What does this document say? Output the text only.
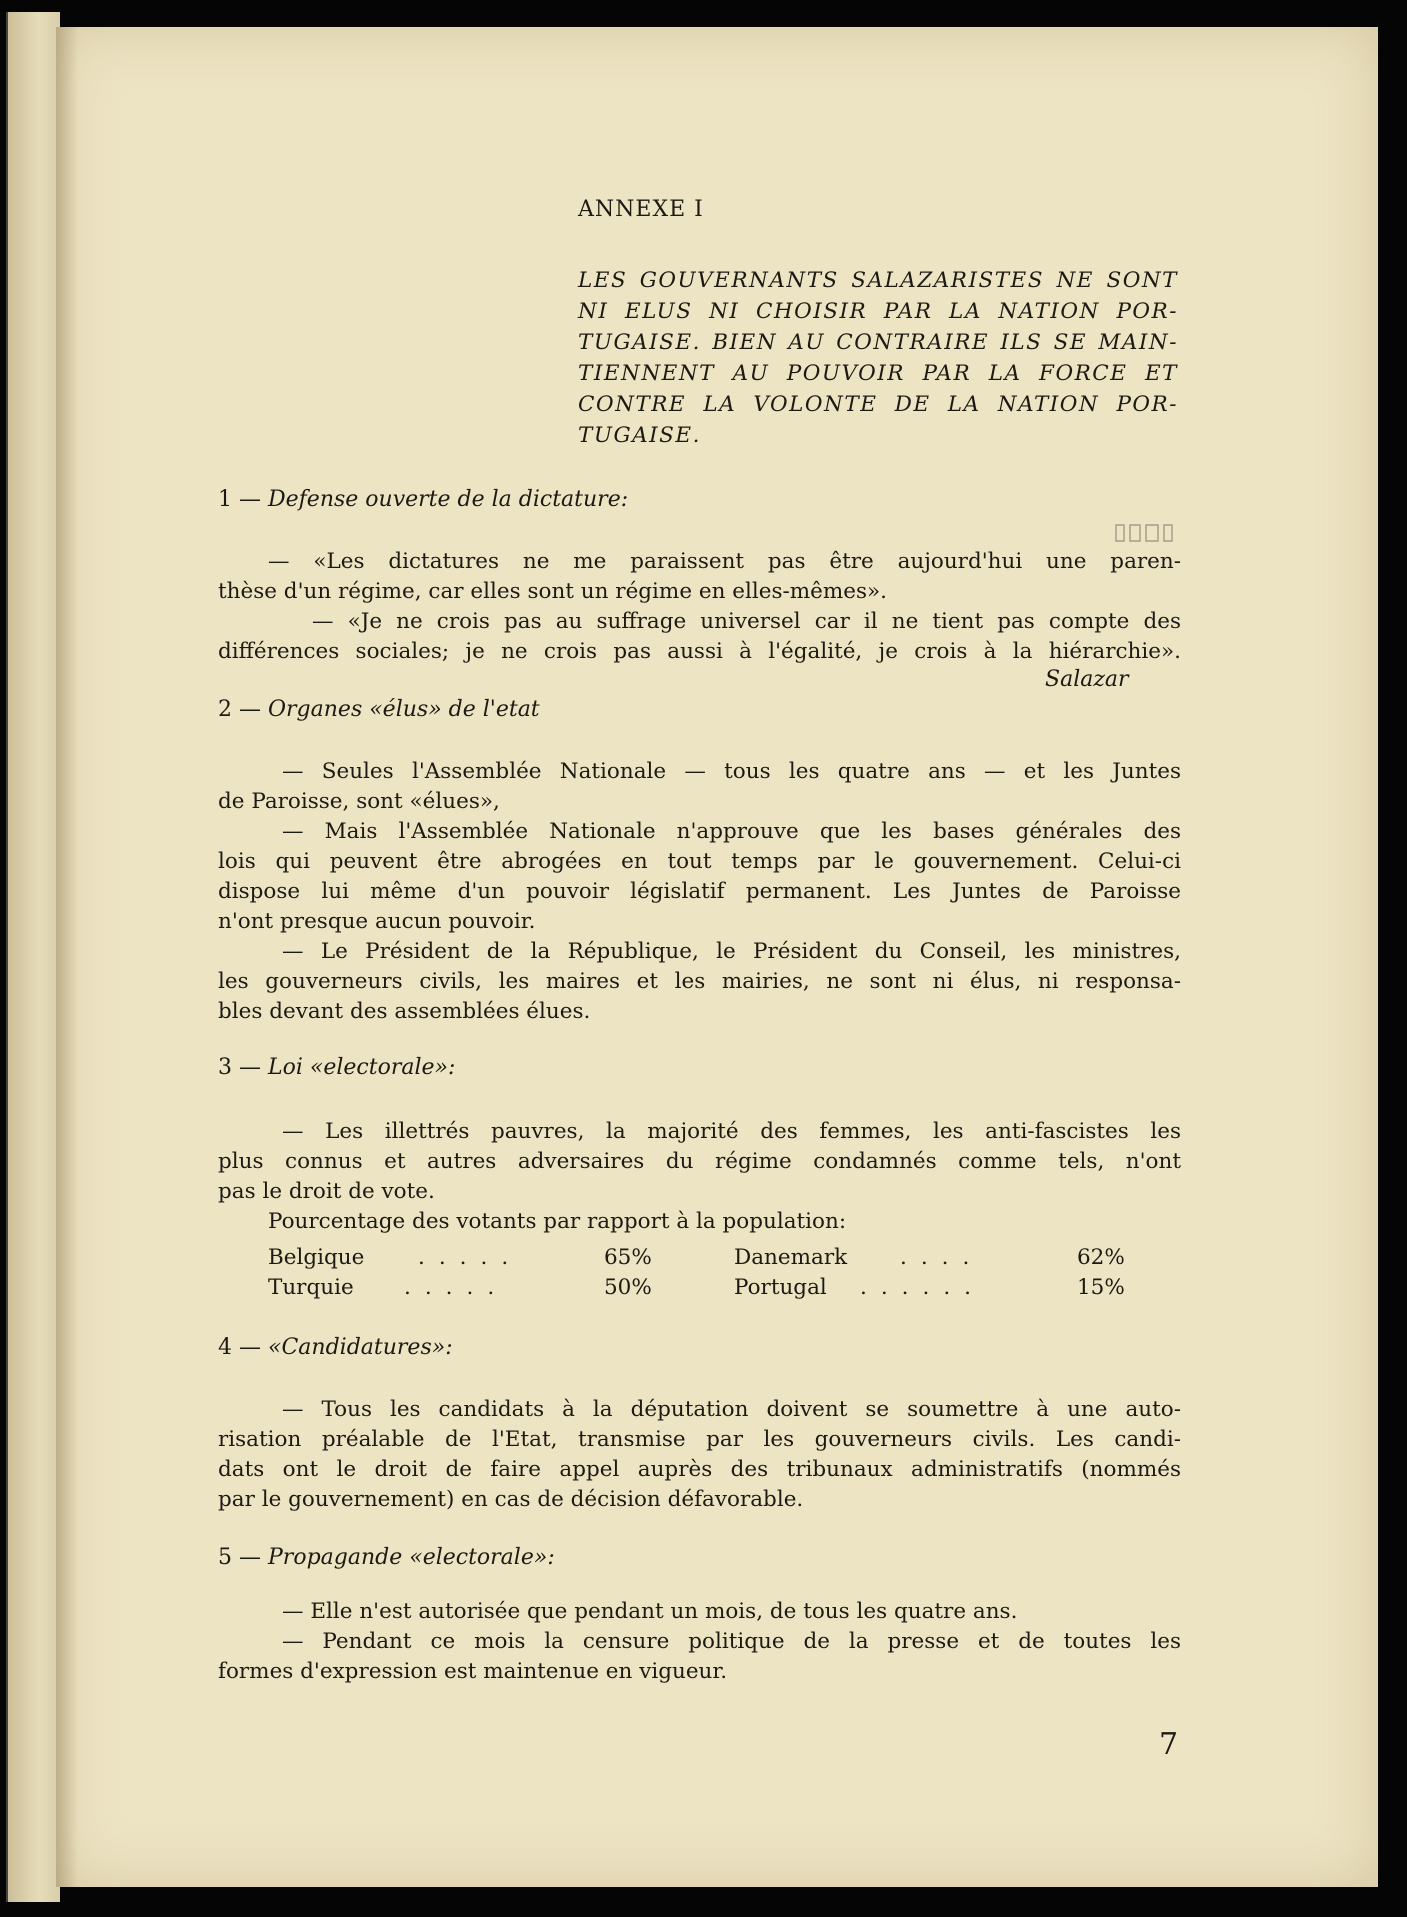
ANNEXE I
LES GOUVERNANTS SALAZARISTES NE SONT
NI ELUS NI CHOISIR PAR LA NATION POR-
TUGAISE. BIEN AU CONTRAIRE ILS SE MAIN-
TIENNENT AU POUVOIR PAR LA FORCE ET
CONTRE LA VOLONTE DE LA NATION POR-
TUGAISE.
1 — Defense ouverte de la dictature:
— «Les dictatures ne me paraissent pas être aujourd'hui une paren-
thèse d'un régime, car elles sont un régime en elles-mêmes».
— «Je ne crois pas au suffrage universel car il ne tient pas compte des
différences sociales; je ne crois pas aussi à l'égalité, je crois à la hiérarchie».
Salazar
2 — Organes «élus» de l'etat
— Seules l'Assemblée Nationale — tous les quatre ans — et les Juntes
de Paroisse, sont «élues»,
— Mais l'Assemblée Nationale n'approuve que les bases générales des
lois qui peuvent être abrogées en tout temps par le gouvernement. Celui-ci
dispose lui même d'un pouvoir législatif permanent. Les Juntes de Paroisse
n'ont presque aucun pouvoir.
— Le Président de la République, le Président du Conseil, les ministres,
les gouverneurs civils, les maires et les mairies, ne sont ni élus, ni responsa-
bles devant des assemblées élues.
3 — Loi «electorale»:
— Les illettrés pauvres, la majorité des femmes, les anti-fascistes les
plus connus et autres adversaires du régime condamnés comme tels, n'ont
pas le droit de vote.
Pourcentage des votants par rapport à la population:
Belgique .....	65%	Danemark ....	62%
Turquie .....	50%	Portugal ......	15%
4 — «Candidatures»:
— Tous les candidats à la députation doivent se soumettre à une auto-
risation préalable de l'Etat, transmise par les gouverneurs civils. Les candi-
dats ont le droit de faire appel auprès des tribunaux administratifs (nommés
par le gouvernement) en cas de décision défavorable.
5 — Propagande «electorale»:
— Elle n'est autorisée que pendant un mois, de tous les quatre ans.
— Pendant ce mois la censure politique de la presse et de toutes les
formes d'expression est maintenue en vigueur.
7
